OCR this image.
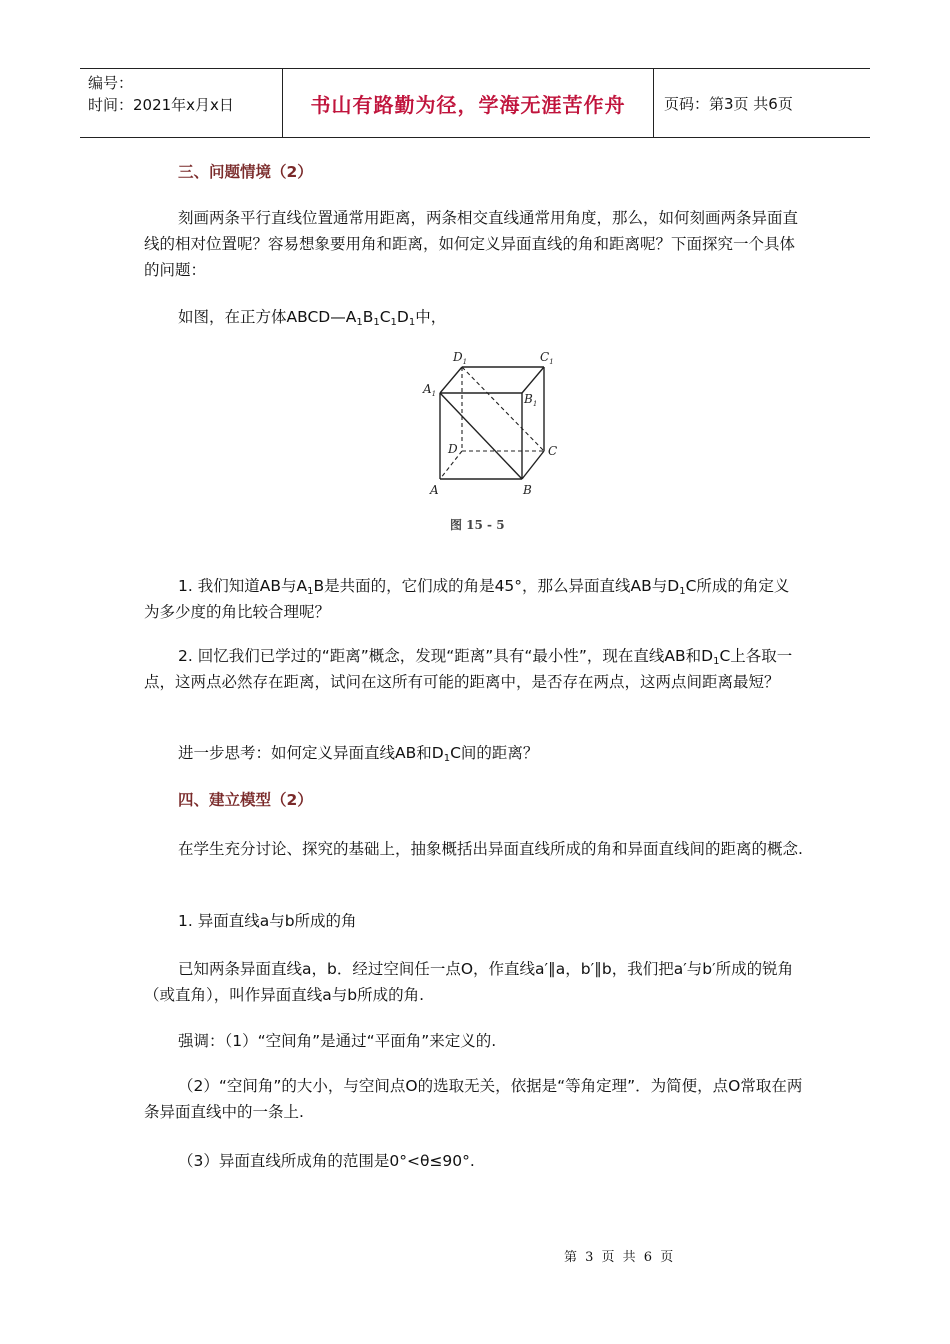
编号：
时间：2021年x月x日	书山有路勤为径，学海无涯苦作舟	页码：第3页 共6页
三、问题情境（2）
刻画两条平行直线位置通常用距离，两条相交直线通常用角度，那么，如何刻画两条异面直线的相对位置呢？容易想象要用角和距离，如何定义异面直线的角和距离呢？下面探究一个具体的问题：
如图，在正方体$ABCD—A_1B_1C_1D_1$中，
$D_1$	$C_1$
$A_1$	$B_1$
D	C
A	B
图 15 - 5
1. 我们知道AB与$A_1B$是共面的，它们成的角是45°，那么异面直线AB与$D_1C$所成的角定义为多少度的角比较合理呢？
2. 回忆我们已学过的“距离”概念，发现“距离”具有“最小性”，现在直线AB和$D_1C$上各取一点，这两点必然存在距离，试问在这所有可能的距离中，是否存在两点，这两点间距离最短？
进一步思考：如何定义异面直线AB和$D_1C$间的距离？
四、建立模型（2）
在学生充分讨论、探究的基础上，抽象概括出异面直线所成的角和异面直线间的距离的概念.
1. 异面直线a与b所成的角
已知两条异面直线a，b．经过空间任一点O，作直线a′∥a，b′∥b，我们把a′与b′所成的锐角（或直角），叫作异面直线a与b所成的角.
强调：（1）“空间角”是通过“平面角”来定义的.
（2）“空间角”的大小，与空间点O的选取无关，依据是“等角定理”．为简便，点O常取在两条异面直线中的一条上.
（3）异面直线所成角的范围是0°<θ≤90°.
第 3 页 共 6 页
